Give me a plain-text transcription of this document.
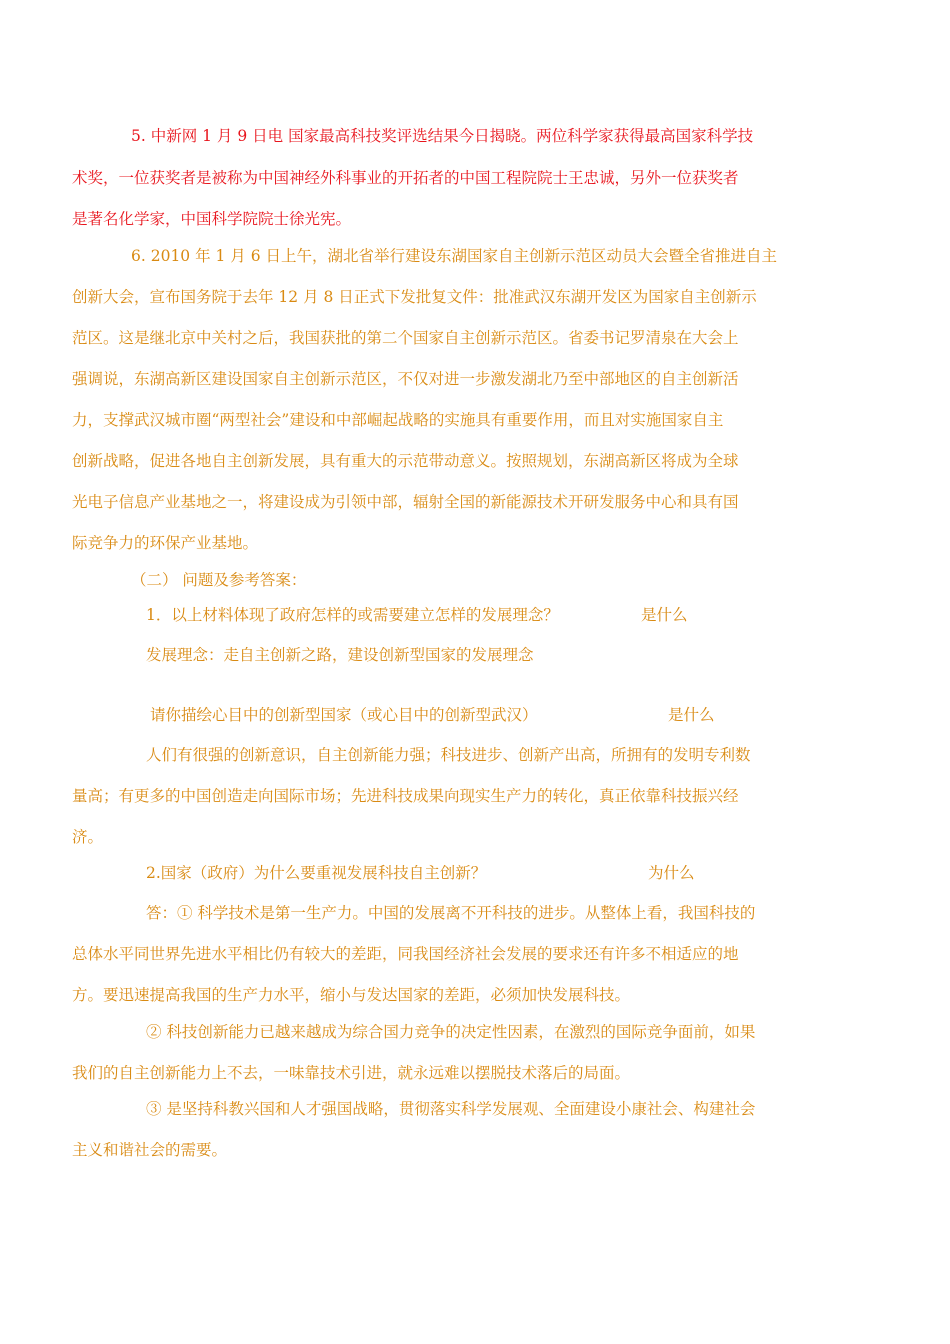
5. 中新网 1 月 9 日电 国家最高科技奖评选结果今日揭晓。两位科学家获得最高国家科学技
术奖，一位获奖者是被称为中国神经外科事业的开拓者的中国工程院院士王忠诚，另外一位获奖者
是著名化学家，中国科学院院士徐光宪。
6. 2010 年 1 月 6 日上午，湖北省举行建设东湖国家自主创新示范区动员大会暨全省推进自主
创新大会，宣布国务院于去年 12 月 8 日正式下发批复文件：批准武汉东湖开发区为国家自主创新示
范区。这是继北京中关村之后，我国获批的第二个国家自主创新示范区。省委书记罗清泉在大会上
强调说，东湖高新区建设国家自主创新示范区，不仅对进一步激发湖北乃至中部地区的自主创新活
力，支撑武汉城市圈“两型社会”建设和中部崛起战略的实施具有重要作用，而且对实施国家自主
创新战略，促进各地自主创新发展，具有重大的示范带动意义。按照规划，东湖高新区将成为全球
光电子信息产业基地之一，将建设成为引领中部，辐射全国的新能源技术开研发服务中心和具有国
际竞争力的环保产业基地。
（二） 问题及参考答案：
1．以上材料体现了政府怎样的或需要建立怎样的发展理念？	是什么
发展理念：走自主创新之路，建设创新型国家的发展理念
请你描绘心目中的创新型国家（或心目中的创新型武汉）	是什么
人们有很强的创新意识，自主创新能力强；科技进步、创新产出高，所拥有的发明专利数
量高；有更多的中国创造走向国际市场；先进科技成果向现实生产力的转化，真正依靠科技振兴经
济。
2.国家（政府）为什么要重视发展科技自主创新？	为什么
答：① 科学技术是第一生产力。中国的发展离不开科技的进步。从整体上看，我国科技的
总体水平同世界先进水平相比仍有较大的差距，同我国经济社会发展的要求还有许多不相适应的地
方。要迅速提高我国的生产力水平，缩小与发达国家的差距，必须加快发展科技。
② 科技创新能力已越来越成为综合国力竞争的决定性因素，在激烈的国际竞争面前，如果
我们的自主创新能力上不去，一味靠技术引进，就永远难以摆脱技术落后的局面。
③ 是坚持科教兴国和人才强国战略，贯彻落实科学发展观、全面建设小康社会、构建社会
主义和谐社会的需要。
